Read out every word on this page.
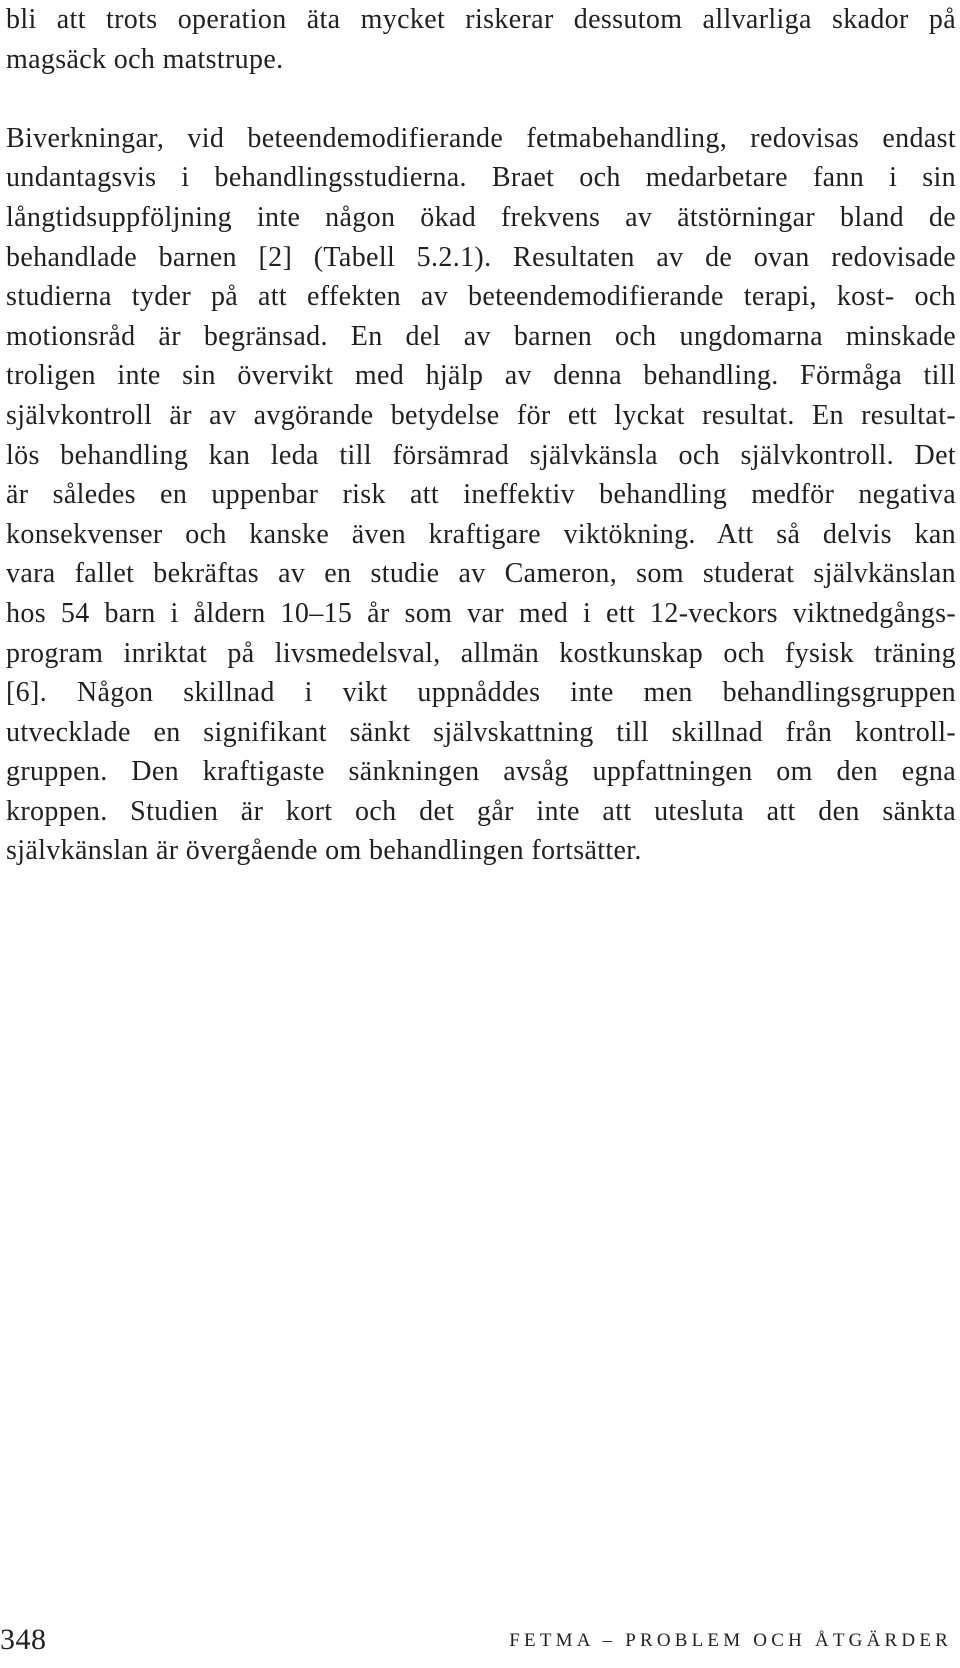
bli att trots operation äta mycket riskerar dessutom allvarliga skador på
magsäck och matstrupe.
Biverkningar, vid beteendemodifierande fetmabehandling, redovisas endast
undantagsvis i behandlingsstudierna. Braet och medarbetare fann i sin
långtidsuppföljning inte någon ökad frekvens av ätstörningar bland de
behandlade barnen [2] (Tabell 5.2.1). Resultaten av de ovan redovisade
studierna tyder på att effekten av beteendemodifierande terapi, kost- och
motionsråd är begränsad. En del av barnen och ungdomarna minskade
troligen inte sin övervikt med hjälp av denna behandling. Förmåga till
självkontroll är av avgörande betydelse för ett lyckat resultat. En resultat-
lös behandling kan leda till försämrad självkänsla och självkontroll. Det
är således en uppenbar risk att ineffektiv behandling medför negativa
konsekvenser och kanske även kraftigare viktökning. Att så delvis kan
vara fallet bekräftas av en studie av Cameron, som studerat självkänslan
hos 54 barn i åldern 10–15 år som var med i ett 12-veckors viktnedgångs-
program inriktat på livsmedelsval, allmän kostkunskap och fysisk träning
[6]. Någon skillnad i vikt uppnåddes inte men behandlingsgruppen
utvecklade en signifikant sänkt självskattning till skillnad från kontroll-
gruppen. Den kraftigaste sänkningen avsåg uppfattningen om den egna
kroppen. Studien är kort och det går inte att utesluta att den sänkta
självkänslan är övergående om behandlingen fortsätter.
348	FETMA – PROBLEM OCH ÅTGÄRDER
